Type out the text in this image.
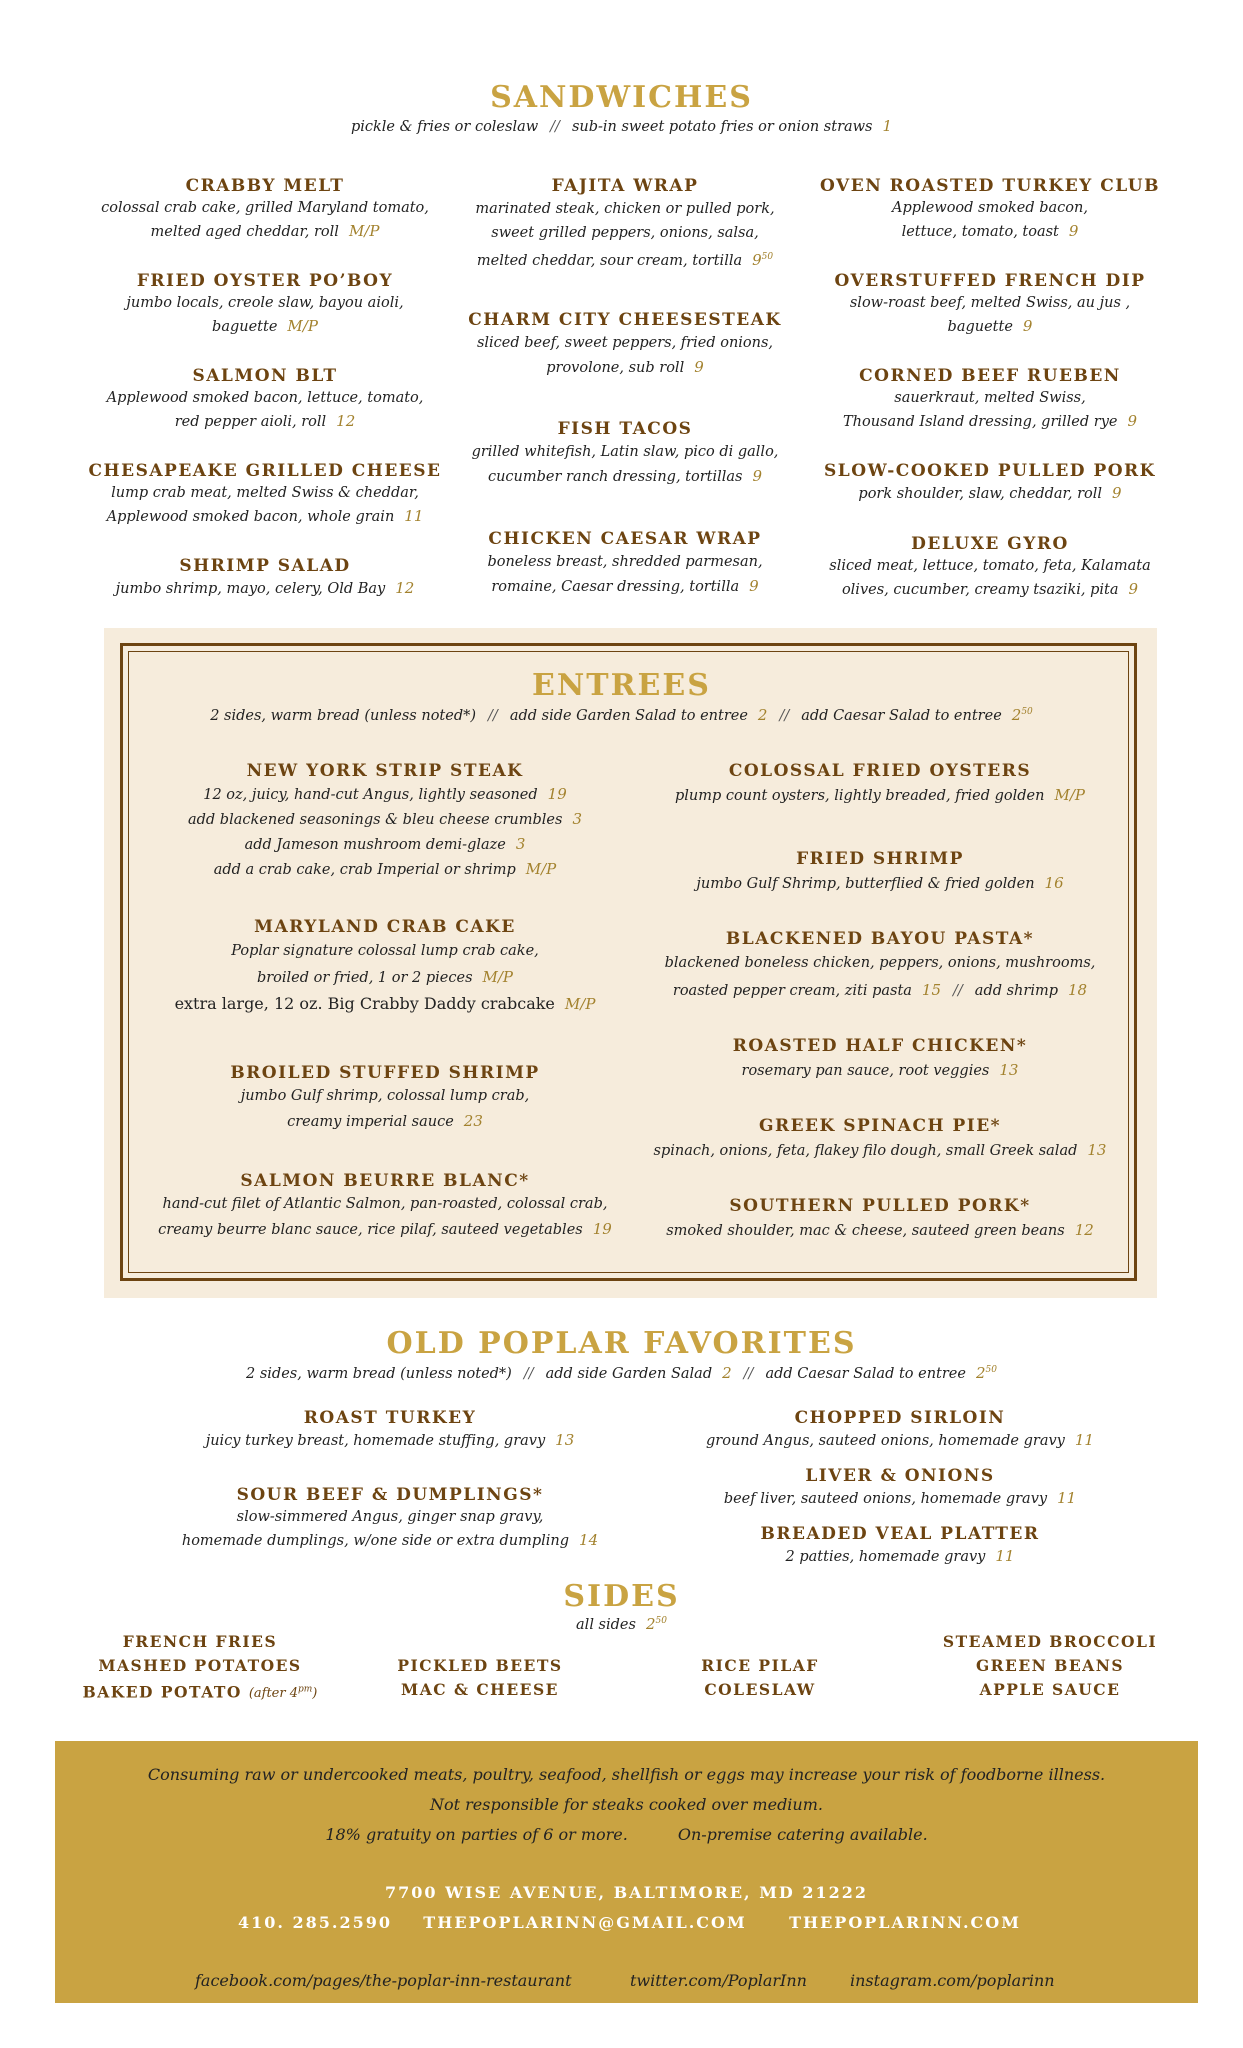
SANDWICHES
pickle & fries or coleslaw // sub-in sweet potato fries or onion straws 1
CRABBY MELT
colossal crab cake, grilled Maryland tomato,
melted aged cheddar, roll M/P
FRIED OYSTER PO’BOY
jumbo locals, creole slaw, bayou aioli,
baguette M/P
SALMON BLT
Applewood smoked bacon, lettuce, tomato,
red pepper aioli, roll 12
CHESAPEAKE GRILLED CHEESE
lump crab meat, melted Swiss & cheddar,
Applewood smoked bacon, whole grain 11
SHRIMP SALAD
jumbo shrimp, mayo, celery, Old Bay 12
FAJITA WRAP
marinated steak, chicken or pulled pork,
sweet grilled peppers, onions, salsa,
melted cheddar, sour cream, tortilla $9^{50}$
CHARM CITY CHEESESTEAK
sliced beef, sweet peppers, fried onions,
provolone, sub roll 9
FISH TACOS
grilled whitefish, Latin slaw, pico di gallo,
cucumber ranch dressing, tortillas 9
CHICKEN CAESAR WRAP
boneless breast, shredded parmesan,
romaine, Caesar dressing, tortilla 9
OVEN ROASTED TURKEY CLUB
Applewood smoked bacon,
lettuce, tomato, toast 9
OVERSTUFFED FRENCH DIP
slow-roast beef, melted Swiss, au jus ,
baguette 9
CORNED BEEF RUEBEN
sauerkraut, melted Swiss,
Thousand Island dressing, grilled rye 9
SLOW-COOKED PULLED PORK
pork shoulder, slaw, cheddar, roll 9
DELUXE GYRO
sliced meat, lettuce, tomato, feta, Kalamata
olives, cucumber, creamy tsaziki, pita 9
ENTREES
2 sides, warm bread (unless noted*) // add side Garden Salad to entree 2 // add Caesar Salad to entree $2^{50}$
NEW YORK STRIP STEAK
12 oz, juicy, hand-cut Angus, lightly seasoned 19
add blackened seasonings & bleu cheese crumbles 3
add Jameson mushroom demi-glaze 3
add a crab cake, crab Imperial or shrimp M/P
MARYLAND CRAB CAKE
Poplar signature colossal lump crab cake,
broiled or fried, 1 or 2 pieces M/P
extra large, 12 oz. Big Crabby Daddy crabcake M/P
BROILED STUFFED SHRIMP
jumbo Gulf shrimp, colossal lump crab,
creamy imperial sauce 23
SALMON BEURRE BLANC*
hand-cut filet of Atlantic Salmon, pan-roasted, colossal crab,
creamy beurre blanc sauce, rice pilaf, sauteed vegetables 19
COLOSSAL FRIED OYSTERS
plump count oysters, lightly breaded, fried golden M/P
FRIED SHRIMP
jumbo Gulf Shrimp, butterflied & fried golden 16
BLACKENED BAYOU PASTA*
blackened boneless chicken, peppers, onions, mushrooms,
roasted pepper cream, ziti pasta 15 // add shrimp 18
ROASTED HALF CHICKEN*
rosemary pan sauce, root veggies 13
GREEK SPINACH PIE*
spinach, onions, feta, flakey filo dough, small Greek salad 13
SOUTHERN PULLED PORK*
smoked shoulder, mac & cheese, sauteed green beans 12
OLD POPLAR FAVORITES
2 sides, warm bread (unless noted*) // add side Garden Salad 2 // add Caesar Salad to entree $2^{50}$
ROAST TURKEY
juicy turkey breast, homemade stuffing, gravy 13
SOUR BEEF & DUMPLINGS*
slow-simmered Angus, ginger snap gravy,
homemade dumplings, w/one side or extra dumpling 14
CHOPPED SIRLOIN
ground Angus, sauteed onions, homemade gravy 11
LIVER & ONIONS
beef liver, sauteed onions, homemade gravy 11
BREADED VEAL PLATTER
2 patties, homemade gravy 11
SIDES
all sides $2^{50}$
FRENCH FRIES
MASHED POTATOES
BAKED POTATO (after $4^{pm}$)
PICKLED BEETS
MAC & CHEESE
RICE PILAF
COLESLAW
STEAMED BROCCOLI
GREEN BEANS
APPLE SAUCE
Consuming raw or undercooked meats, poultry, seafood, shellfish or eggs may increase your risk of foodborne illness.
Not responsible for steaks cooked over medium.
18% gratuity on parties of 6 or more.	On-premise catering available.
7700 WISE AVENUE, BALTIMORE, MD 21222
410. 285.2590	THEPOPLARINN@GMAIL.COM	THEPOPLARINN.COM
facebook.com/pages/the-poplar-inn-restaurant	twitter.com/PoplarInn	instagram.com/poplarinn
